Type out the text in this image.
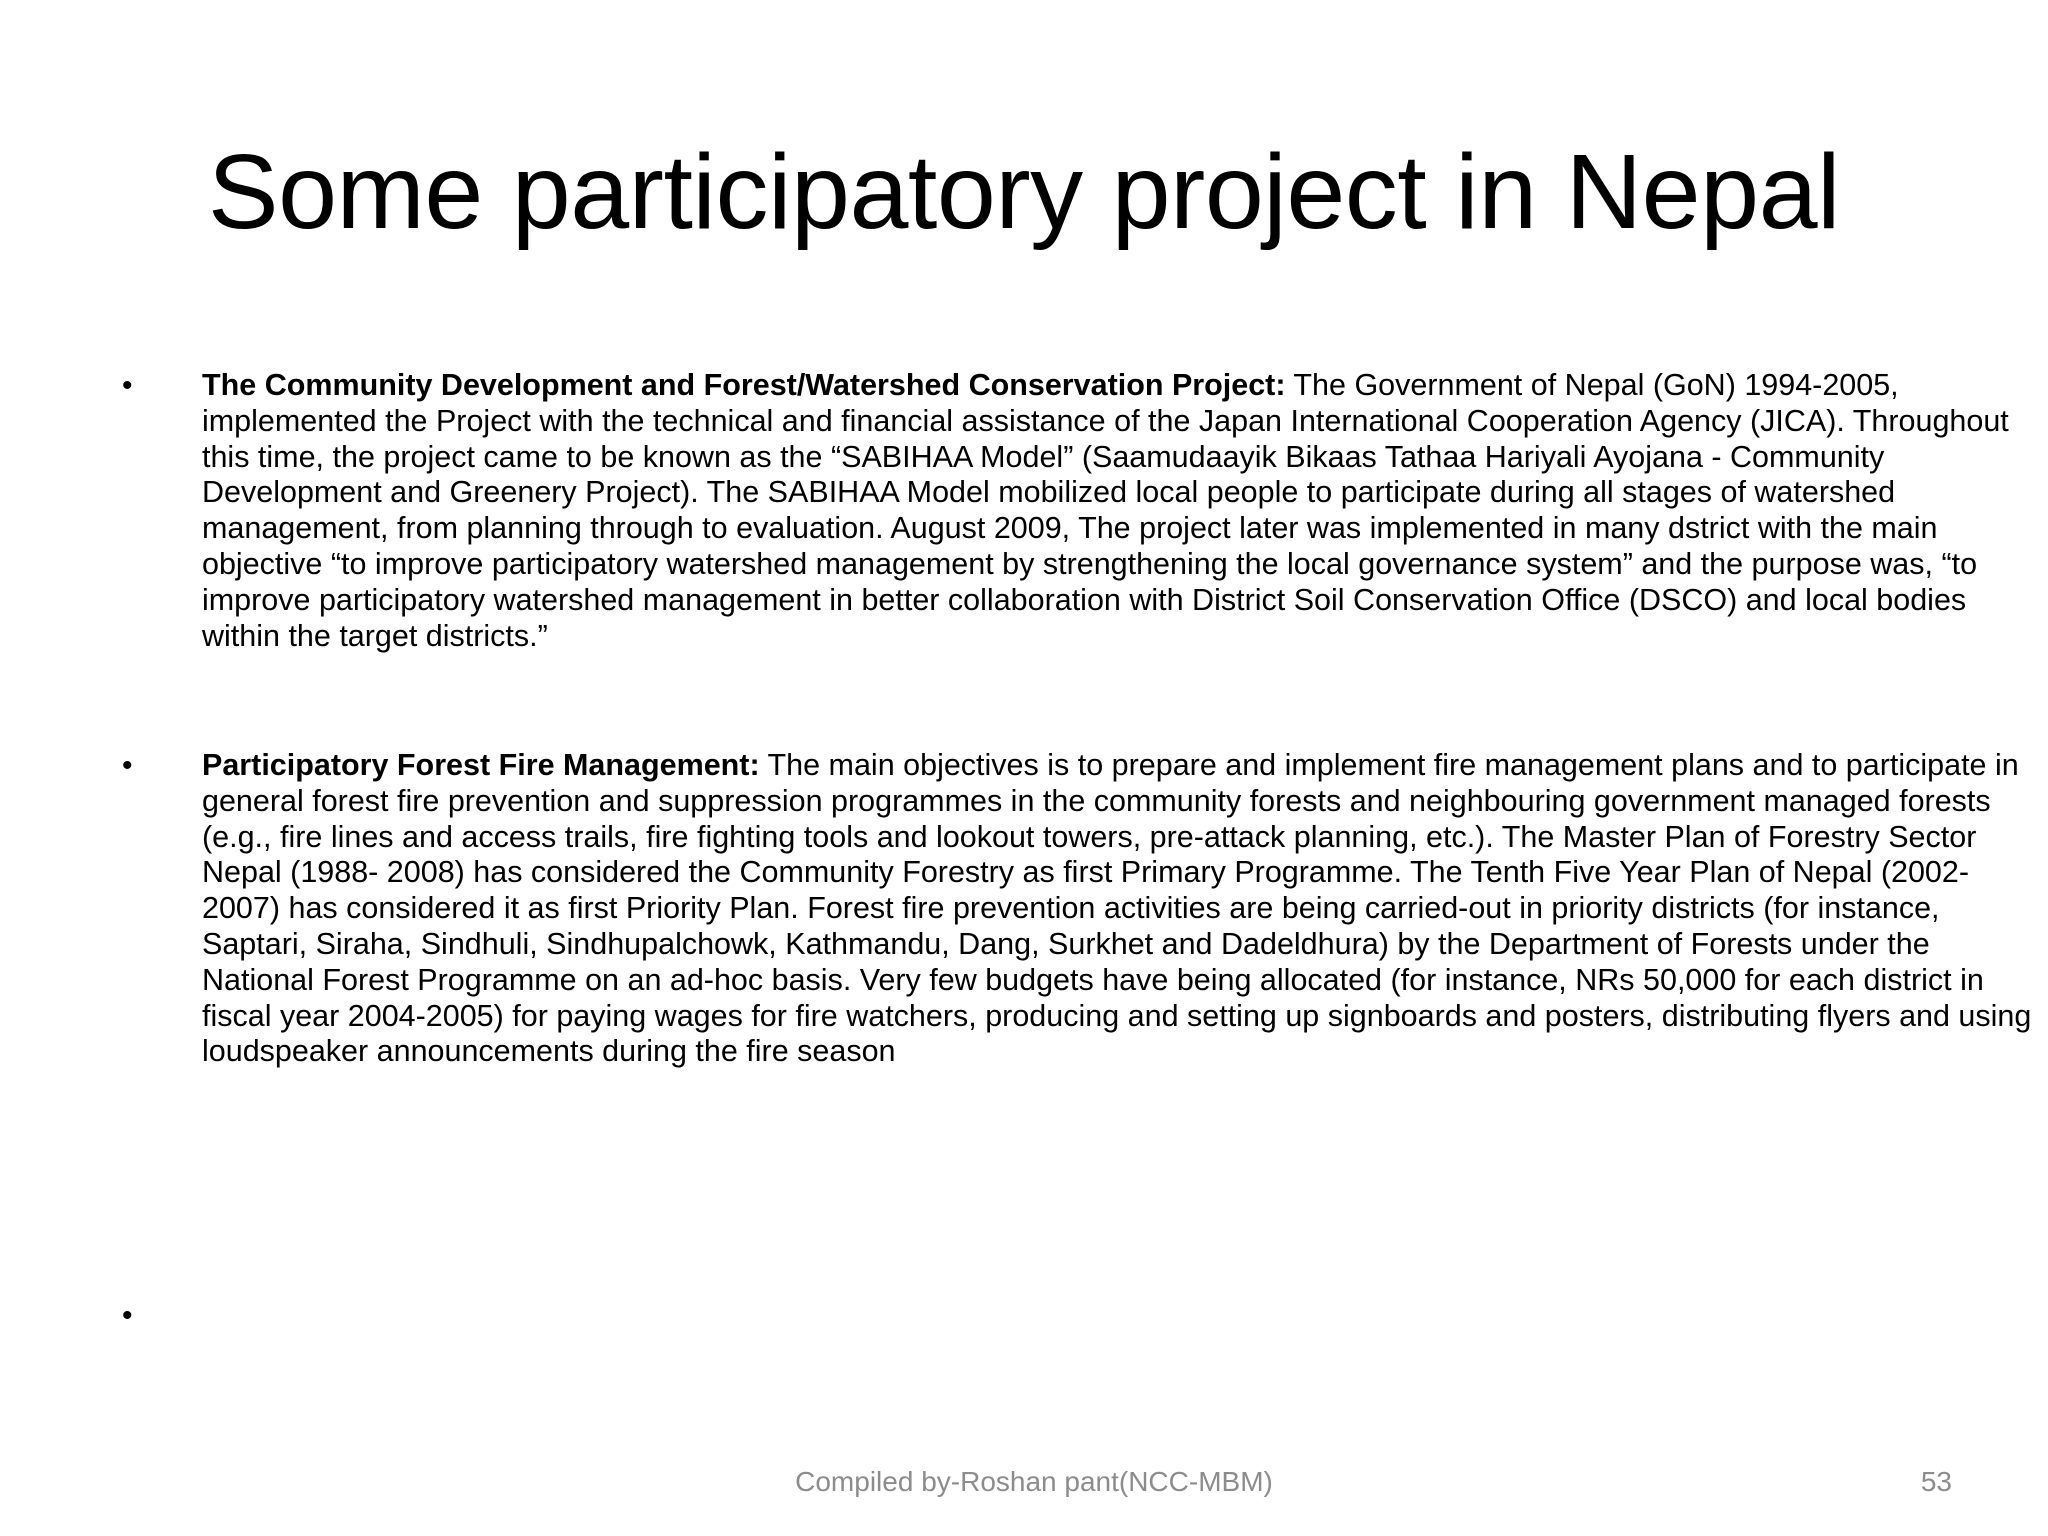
Some participatory project in Nepal
• The Community Development and Forest/Watershed Conservation Project: The Government of Nepal (GoN) 1994-2005, implemented the Project with the technical and financial assistance of the Japan International Cooperation Agency (JICA). Throughout this time, the project came to be known as the “SABIHAA Model” (Saamudaayik Bikaas Tathaa Hariyali Ayojana - Community Development and Greenery Project). The SABIHAA Model mobilized local people to participate during all stages of watershed management, from planning through to evaluation. August 2009, The project later was implemented in many dstrict with the main objective “to improve participatory watershed management by strengthening the local governance system” and the purpose was, “to improve participatory watershed management in better collaboration with District Soil Conservation Office (DSCO) and local bodies within the target districts.”
• Participatory Forest Fire Management: The main objectives is to prepare and implement fire management plans and to participate in general forest fire prevention and suppression programmes in the community forests and neighbouring government managed forests (e.g., fire lines and access trails, fire fighting tools and lookout towers, pre-attack planning, etc.). The Master Plan of Forestry Sector Nepal (1988- 2008) has considered the Community Forestry as first Primary Programme. The Tenth Five Year Plan of Nepal (2002-2007) has considered it as first Priority Plan. Forest fire prevention activities are being carried-out in priority districts (for instance, Saptari, Siraha, Sindhuli, Sindhupalchowk, Kathmandu, Dang, Surkhet and Dadeldhura) by the Department of Forests under the National Forest Programme on an ad-hoc basis. Very few budgets have being allocated (for instance, NRs 50,000 for each district in fiscal year 2004-2005) for paying wages for fire watchers, producing and setting up signboards and posters, distributing flyers and using loudspeaker announcements during the fire season
•
Compiled by-Roshan pant(NCC-MBM)	53
